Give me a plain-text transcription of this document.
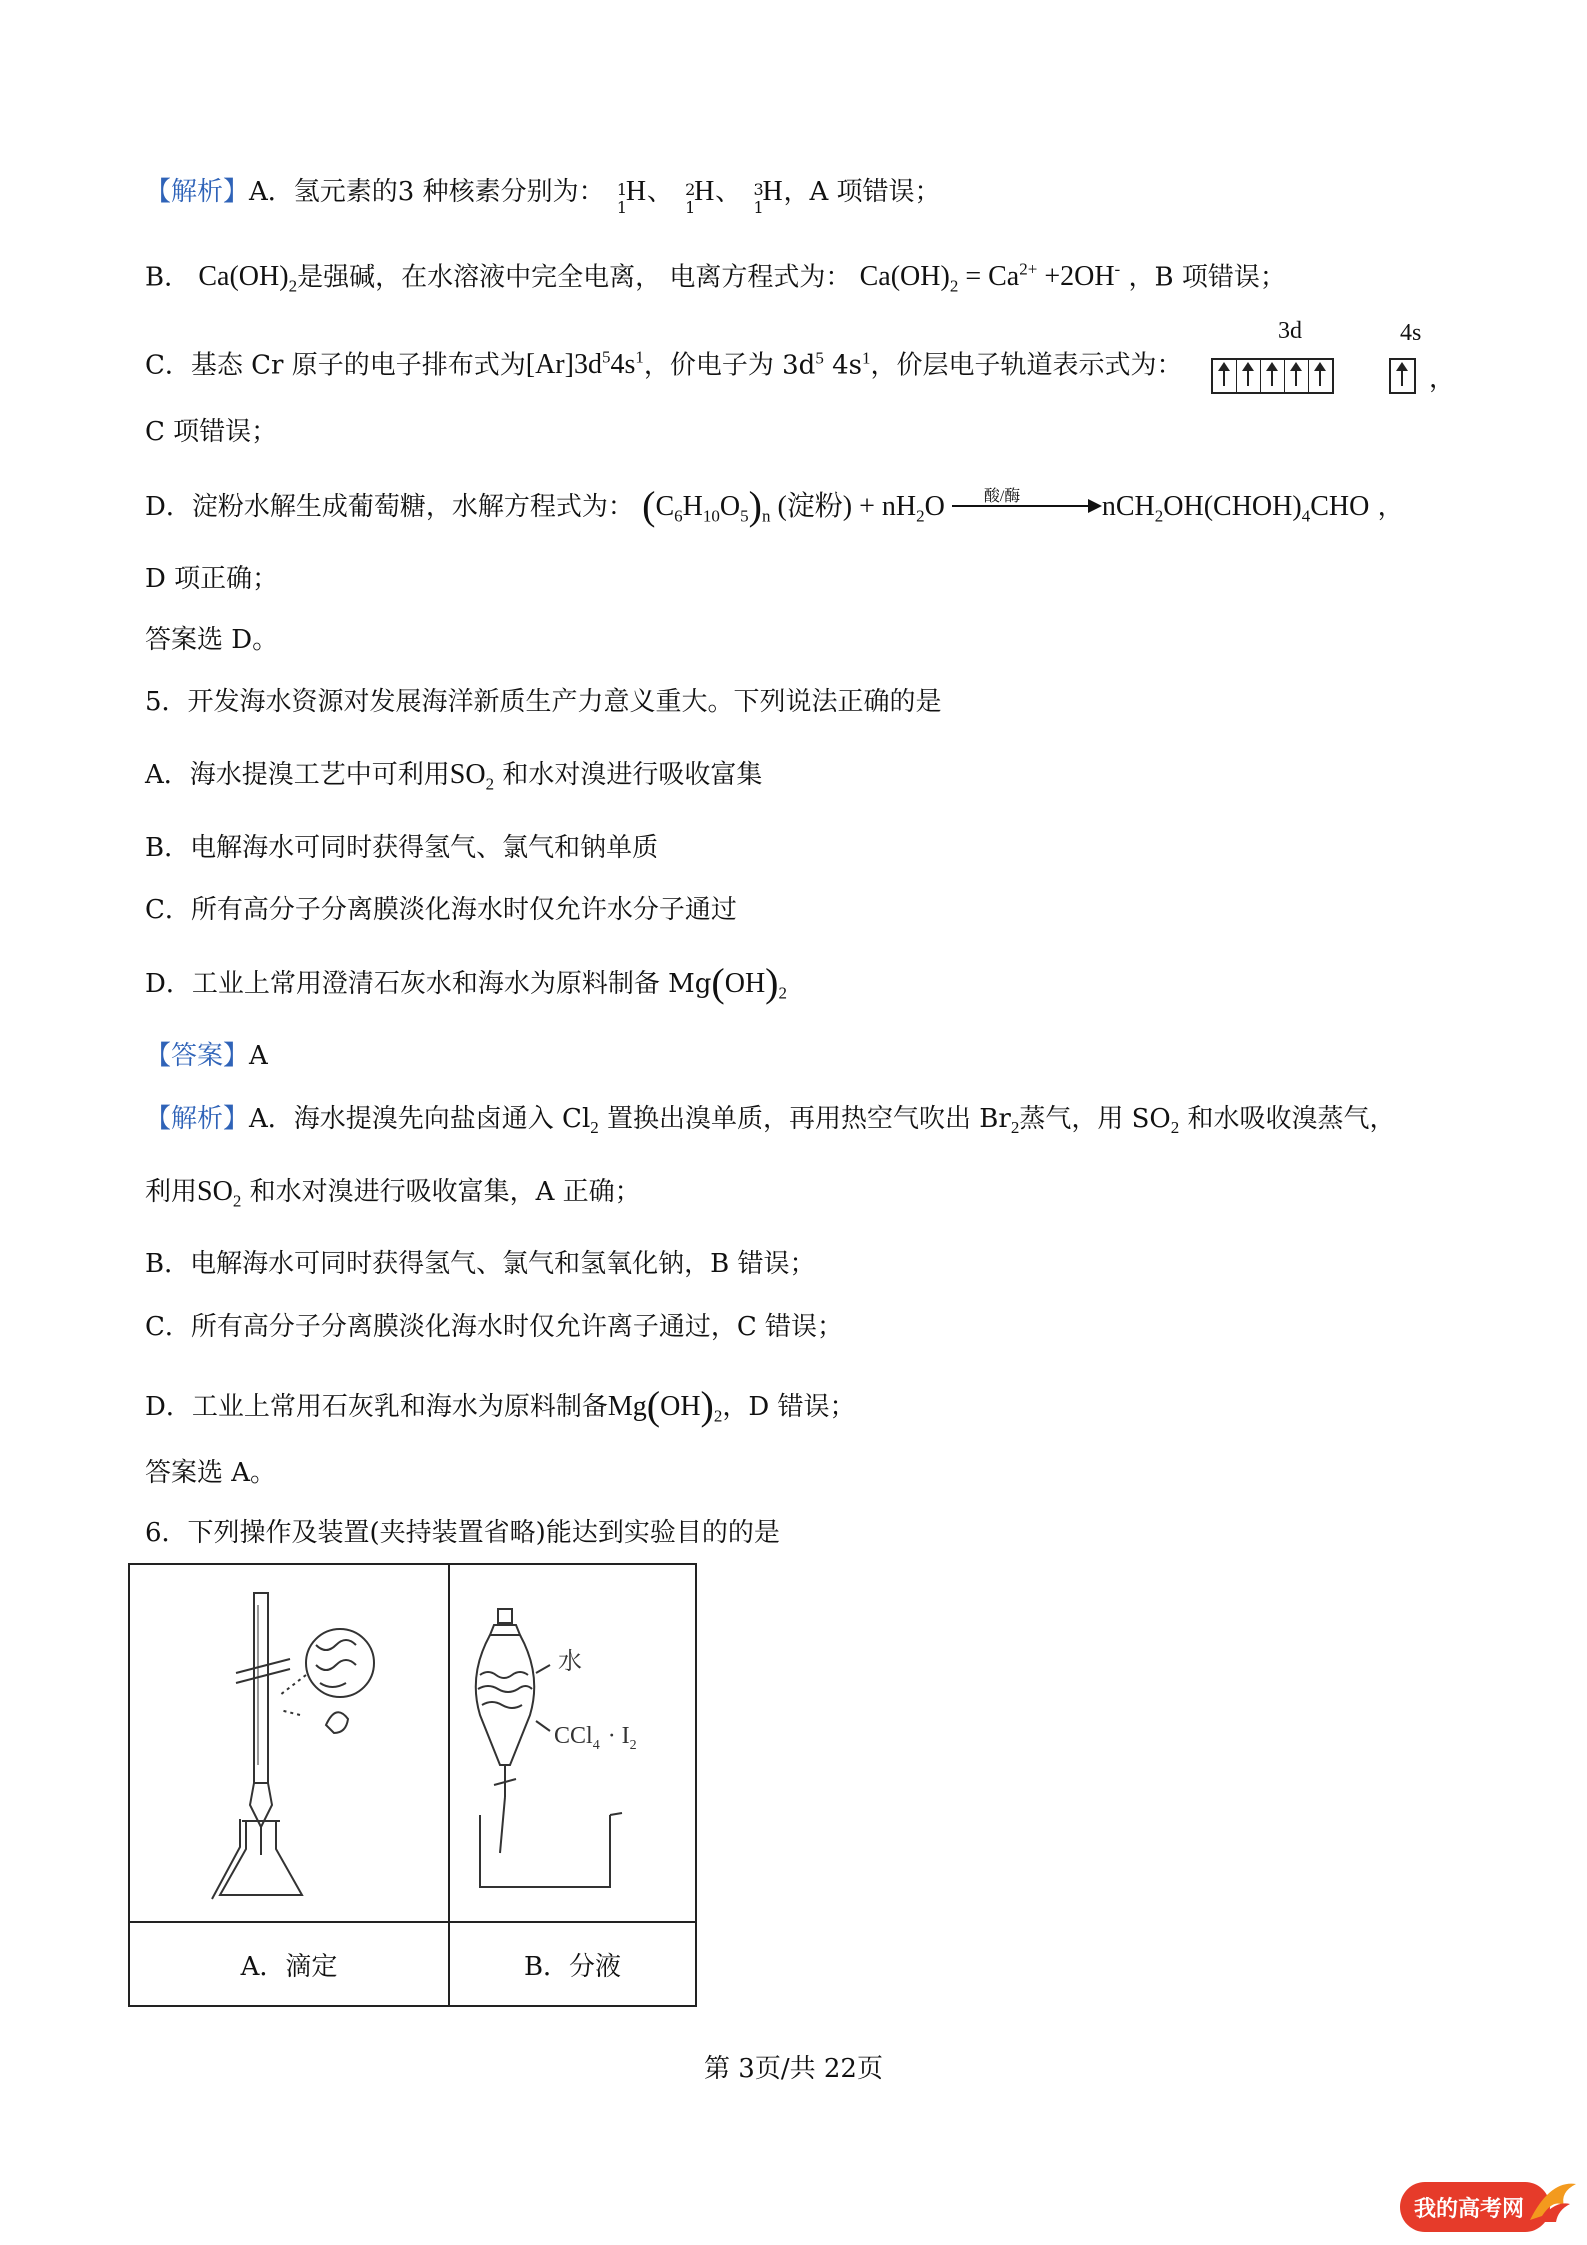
【解析】A．氢元素的3 种核素分别为： 1
1
H 、 2
1
H 、 3
1
H ，A 项错误；
B． $Ca(OH)_2$是强碱，在水溶液中完全电离， 电离方程式为： $Ca(OH)_2 = Ca^{2+} +2OH^-$ ，B 项错误；
C．基态 Cr 原子的电子排布式为$[Ar]3d^54s^1$，价电子为 $3d^5$ $4s^1$，价层电子轨道表示式为：
3d	4s
，
C 项错误；
D．淀粉水解生成葡萄糖，水解方程式为： $(C_6H_{10}O_5)_n$ (淀粉) + $nH_2O$ 酸/酶	$nCH_2OH(CHOH)_4CHO$ ，
D 项正确；
答案选 D。
5．开发海水资源对发展海洋新质生产力意义重大。下列说法正确的是
A．海水提溴工艺中可利用$SO_2$ 和水对溴进行吸收富集
B．电解海水可同时获得氢气、氯气和钠单质
C．所有高分子分离膜淡化海水时仅允许水分子通过
D．工业上常用澄清石灰水和海水为原料制备 $Mg(OH)_2$
【答案】A
【解析】A．海水提溴先向盐卤通入 $Cl_2$ 置换出溴单质，再用热空气吹出 $Br_2$蒸气，用 $SO_2$ 和水吸收溴蒸气，
利用$SO_2$ 和水对溴进行吸收富集，A 正确；
B．电解海水可同时获得氢气、氯气和氢氧化钠，B 错误；
C．所有高分子分离膜淡化海水时仅允许离子通过，C 错误；
D．工业上常用石灰乳和海水为原料制备$Mg(OH)_2$，D 错误；
答案选 A。
6．下列操作及装置(夹持装置省略)能达到实验目的的是

水
$CCl_4 \cdot I_2$

A．滴定	B．分液
第 3页/共 22页
我的高考网
